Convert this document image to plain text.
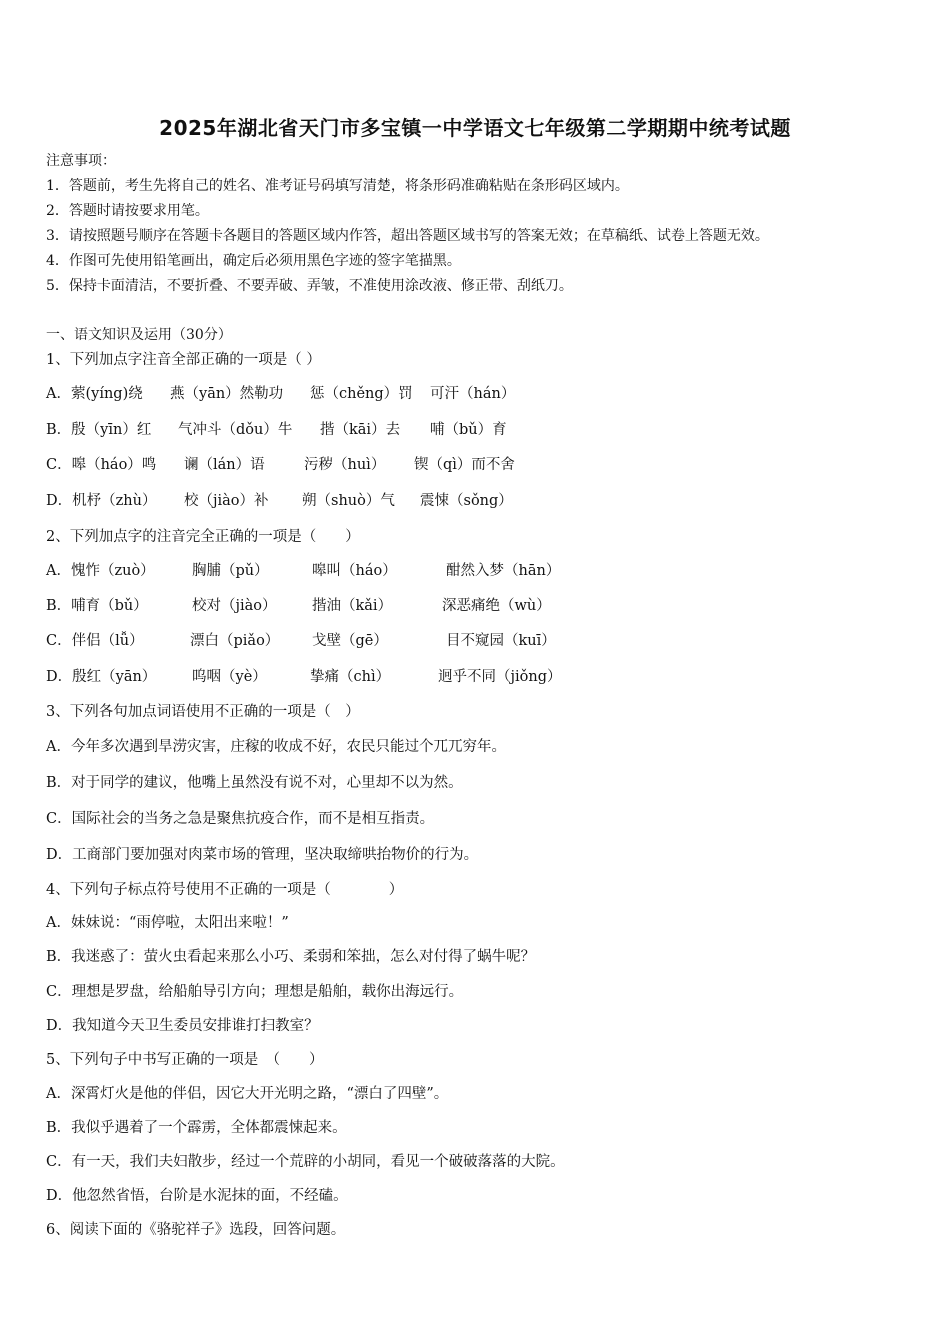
2025年湖北省天门市多宝镇一中学语文七年级第二学期期中统考试题
注意事项：
1．答题前，考生先将自己的姓名、准考证号码填写清楚，将条形码准确粘贴在条形码区域内。
2．答题时请按要求用笔。
3．请按照题号顺序在答题卡各题目的答题区域内作答，超出答题区域书写的答案无效；在草稿纸、试卷上答题无效。
4．作图可先使用铅笔画出，确定后必须用黑色字迹的签字笔描黑。
5．保持卡面清洁，不要折叠、不要弄破、弄皱，不准使用涂改液、修正带、刮纸刀。
一、语文知识及运用（30分）
1、下列加点字注音全部正确的一项是（ ）
A．萦(yíng)绕 燕（yān）然勒功 惩（chěng）罚 可汗（hán）
B．殷（yīn）红 气冲斗（dǒu）牛 揩（kāi）去 哺（bǔ）育
C．嗥（háo）鸣 谰（lán）语	污秽（huì） 锲（qì）而不舍
D．机杼（zhù） 校（jiào）补 朔（shuò）气 震悚（sǒng）
2、下列加点字的注音完全正确的一项是（　　）
A．愧怍（zuò）	胸脯（pǔ）	嗥叫（háo）	酣然入梦（hān）
B．哺育（bǔ）	校对（jiào） 揩油（kǎi）	深恶痛绝（wù）
C．伴侣（lǚ）	漂白（piǎo） 戈壁（gē）	目不窥园（kuī）
D．殷红（yān） 呜咽（yè）	挚痛（chì）	迥乎不同（jiǒng）
3、下列各句加点词语使用不正确的一项是（　）
A．今年多次遇到旱涝灾害，庄稼的收成不好，农民只能过个兀兀穷年。
B．对于同学的建议，他嘴上虽然没有说不对，心里却不以为然。
C．国际社会的当务之急是聚焦抗疫合作，而不是相互指责。
D．工商部门要加强对肉菜市场的管理，坚决取缔哄抬物价的行为。
4、下列句子标点符号使用不正确的一项是（　　　　）
A．妹妹说：“雨停啦，太阳出来啦！”
B．我迷惑了：萤火虫看起来那么小巧、柔弱和笨拙，怎么对付得了蜗牛呢？
C．理想是罗盘，给船舶导引方向；理想是船舶，载你出海远行。
D．我知道今天卫生委员安排谁打扫教室？
5、下列句子中书写正确的一项是　（　　）
A．深霄灯火是他的伴侣，因它大开光明之路，“漂白了四壁”。
B．我似乎遇着了一个霹雳，全体都震悚起来。
C．有一天，我们夫妇散步，经过一个荒辟的小胡同，看见一个破破落落的大院。
D．他忽然省悟，台阶是水泥抹的面，不经磕。
6、阅读下面的《骆驼祥子》选段，回答问题。
